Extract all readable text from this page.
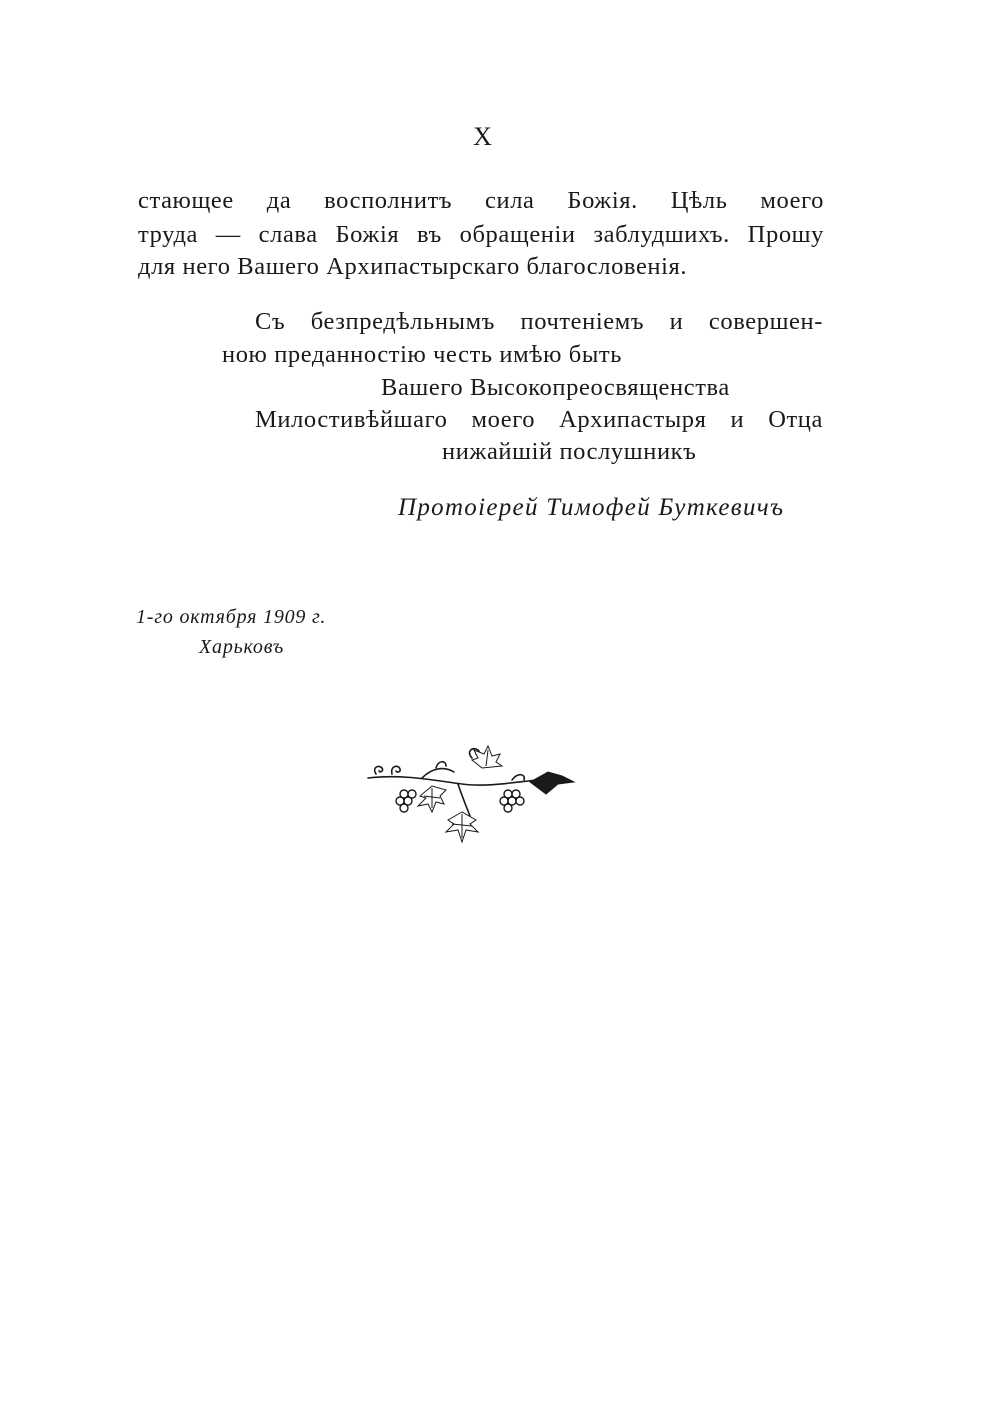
X
стающее да восполнитъ сила Божія. Цѣль моего
труда — слава Божія въ обращеніи заблудшихъ. Прошу
для него Вашего Архипастырскаго благословенія.
Съ безпредѣльнымъ почтеніемъ и совершен-
ною преданностію честь имѣю быть
Вашего Высокопреосвященства
Милостивѣйшаго моего Архипастыря и Отца
нижайшій послушникъ
Протоіерей Тимофей Буткевичъ
1-го октября 1909 г.
Харьковъ
